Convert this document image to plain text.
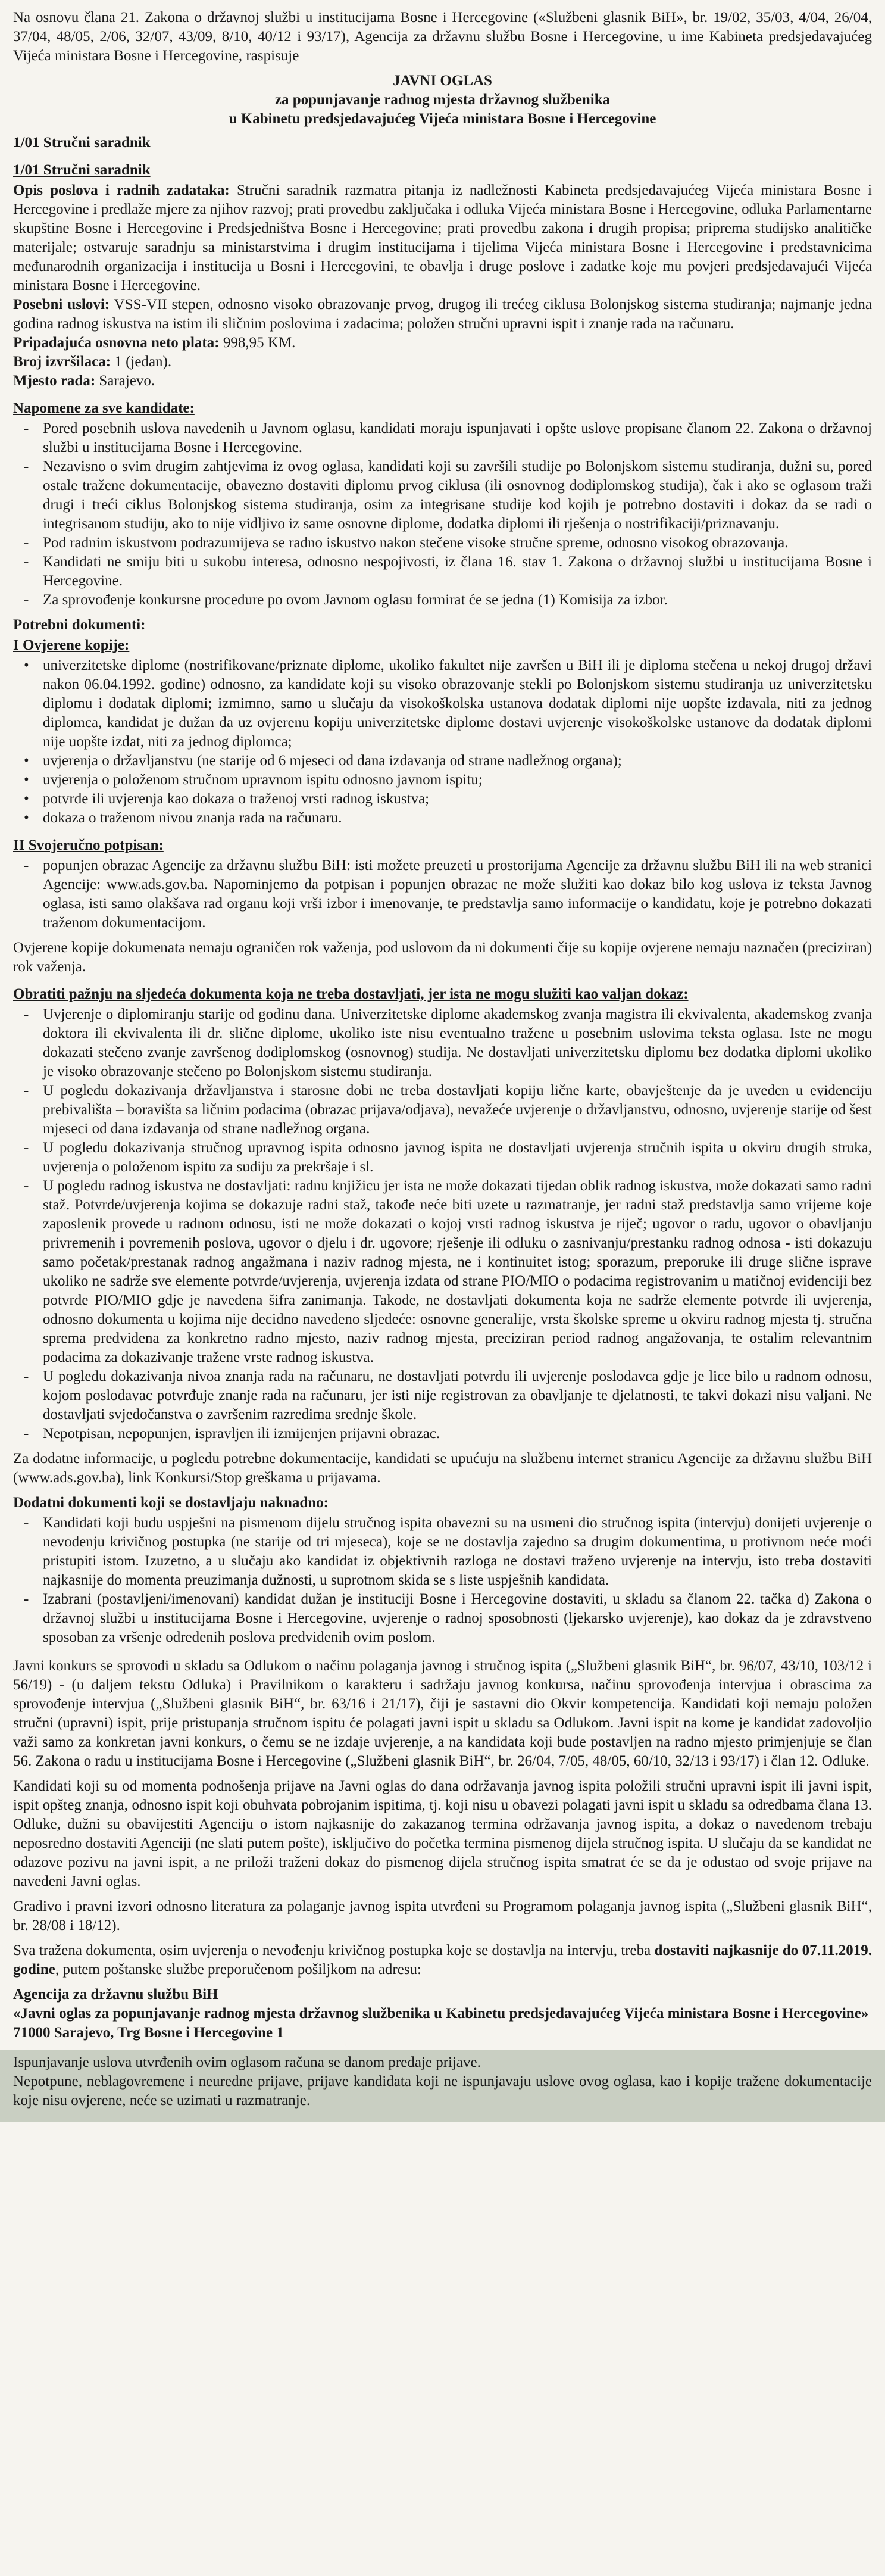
Na osnovu člana 21. Zakona o državnoj službi u institucijama Bosne i Hercegovine («Službeni glasnik BiH», br. 19/02, 35/03, 4/04, 26/04, 37/04, 48/05, 2/06, 32/07, 43/09, 8/10, 40/12 i 93/17), Agencija za državnu službu Bosne i Hercegovine, u ime Kabineta predsjedavajućeg Vijeća ministara Bosne i Hercegovine, raspisuje

JAVNI OGLAS

za popunjavanje radnog mjesta državnog službenika

u Kabinetu predsjedavajućeg Vijeća ministara Bosne i Hercegovine

1/01 Stručni saradnik

1/01 Stručni saradnik

Opis poslova i radnih zadataka: Stručni saradnik razmatra pitanja iz nadležnosti Kabineta predsjedavajućeg Vijeća ministara Bosne i Hercegovine i predlaže mjere za njihov razvoj; prati provedbu zaključaka i odluka Vijeća ministara Bosne i Hercegovine, odluka Parlamentarne skupštine Bosne i Hercegovine i Predsjedništva Bosne i Hercegovine; prati provedbu zakona i drugih propisa; priprema studijsko analitičke materijale; ostvaruje saradnju sa ministarstvima i drugim institucijama i tijelima Vijeća ministara Bosne i Hercegovine i predstavnicima međunarodnih organizacija i institucija u Bosni i Hercegovini, te obavlja i druge poslove i zadatke koje mu povjeri predsjedavajući Vijeća ministara Bosne i Hercegovine.

Posebni uslovi: VSS-VII stepen, odnosno visoko obrazovanje prvog, drugog ili trećeg ciklusa Bolonjskog sistema studiranja; najmanje jedna godina radnog iskustva na istim ili sličnim poslovima i zadacima; položen stručni upravni ispit i znanje rada na računaru.

Pripadajuća osnovna neto plata: 998,95 KM.

Broj izvršilaca: 1 (jedan).

Mjesto rada: Sarajevo.

Napomene za sve kandidate:

- Pored posebnih uslova navedenih u Javnom oglasu, kandidati moraju ispunjavati i opšte uslove propisane članom 22. Zakona o državnoj službi u institucijama Bosne i Hercegovine.
- Nezavisno o svim drugim zahtjevima iz ovog oglasa, kandidati koji su završili studije po Bolonjskom sistemu studiranja, dužni su, pored ostale tražene dokumentacije, obavezno dostaviti diplomu prvog ciklusa (ili osnovnog dodiplomskog studija), čak i ako se oglasom traži drugi i treći ciklus Bolonjskog sistema studiranja, osim za integrisane studije kod kojih je potrebno dostaviti i dokaz da se radi o integrisanom studiju, ako to nije vidljivo iz same osnovne diplome, dodatka diplomi ili rješenja o nostrifikaciji/priznavanju.
- Pod radnim iskustvom podrazumijeva se radno iskustvo nakon stečene visoke stručne spreme, odnosno visokog obrazovanja.
- Kandidati ne smiju biti u sukobu interesa, odnosno nespojivosti, iz člana 16. stav 1. Zakona o državnoj službi u institucijama Bosne i Hercegovine.
- Za sprovođenje konkursne procedure po ovom Javnom oglasu formirat će se jedna (1) Komisija za izbor.

Potrebni dokumenti:

I Ovjerene kopije:

• univerzitetske diplome (nostrifikovane/priznate diplome, ukoliko fakultet nije završen u BiH ili je diploma stečena u nekoj drugoj državi nakon 06.04.1992. godine) odnosno, za kandidate koji su visoko obrazovanje stekli po Bolonjskom sistemu studiranja uz univerzitetsku diplomu i dodatak diplomi; izmimno, samo u slučaju da visokoškolska ustanova dodatak diplomi nije uopšte izdavala, niti za jednog diplomca, kandidat je dužan da uz ovjerenu kopiju univerzitetske diplome dostavi uvjerenje visokoškolske ustanove da dodatak diplomi nije uopšte izdat, niti za jednog diplomca;
• uvjerenja o državljanstvu (ne starije od 6 mjeseci od dana izdavanja od strane nadležnog organa);
• uvjerenja o položenom stručnom upravnom ispitu odnosno javnom ispitu;
• potvrde ili uvjerenja kao dokaza o traženoj vrsti radnog iskustva;
• dokaza o traženom nivou znanja rada na računaru.

II Svojeručno potpisan:

- popunjen obrazac Agencije za državnu službu BiH: isti možete preuzeti u prostorijama Agencije za državnu službu BiH ili na web stranici Agencije: www.ads.gov.ba. Napominjemo da potpisan i popunjen obrazac ne može služiti kao dokaz bilo kog uslova iz teksta Javnog oglasa, isti samo olakšava rad organu koji vrši izbor i imenovanje, te predstavlja samo informacije o kandidatu, koje je potrebno dokazati traženom dokumentacijom.

Ovjerene kopije dokumenata nemaju ograničen rok važenja, pod uslovom da ni dokumenti čije su kopije ovjerene nemaju naznačen (preciziran) rok važenja.

Obratiti pažnju na sljedeća dokumenta koja ne treba dostavljati, jer ista ne mogu služiti kao valjan dokaz:

- Uvjerenje o diplomiranju starije od godinu dana. Univerzitetske diplome akademskog zvanja magistra ili ekvivalenta, akademskog zvanja doktora ili ekvivalenta ili dr. slične diplome, ukoliko iste nisu eventualno tražene u posebnim uslovima teksta oglasa. Iste ne mogu dokazati stečeno zvanje završenog dodiplomskog (osnovnog) studija. Ne dostavljati univerzitetsku diplomu bez dodatka diplomi ukoliko je visoko obrazovanje stečeno po Bolonjskom sistemu studiranja.
- U pogledu dokazivanja državljanstva i starosne dobi ne treba dostavljati kopiju lične karte, obavještenje da je uveden u evidenciju prebivališta – boravišta sa ličnim podacima (obrazac prijava/odjava), nevažeće uvjerenje o državljanstvu, odnosno, uvjerenje starije od šest mjeseci od dana izdavanja od strane nadležnog organa.
- U pogledu dokazivanja stručnog upravnog ispita odnosno javnog ispita ne dostavljati uvjerenja stručnih ispita u okviru drugih struka, uvjerenja o položenom ispitu za sudiju za prekršaje i sl.
- U pogledu radnog iskustva ne dostavljati: radnu knjižicu jer ista ne može dokazati tijedan oblik radnog iskustva, može dokazati samo radni staž. Potvrde/uvjerenja kojima se dokazuje radni staž, takođe neće biti uzete u razmatranje, jer radni staž predstavlja samo vrijeme koje zaposlenik provede u radnom odnosu, isti ne može dokazati o kojoj vrsti radnog iskustva je riječ; ugovor o radu, ugovor o obavljanju privremenih i povremenih poslova, ugovor o djelu i dr. ugovore; rješenje ili odluku o zasnivanju/prestanku radnog odnosa - isti dokazuju samo početak/prestanak radnog angažmana i naziv radnog mjesta, ne i kontinuitet istog; sporazum, preporuke ili druge slične isprave ukoliko ne sadrže sve elemente potvrde/uvjerenja, uvjerenja izdata od strane PIO/MIO o podacima registrovanim u matičnoj evidenciji bez potvrde PIO/MIO gdje je navedena šifra zanimanja. Takođe, ne dostavljati dokumenta koja ne sadrže elemente potvrde ili uvjerenja, odnosno dokumenta u kojima nije decidno navedeno sljedeće: osnovne generalije, vrsta školske spreme u okviru radnog mjesta tj. stručna sprema predviđena za konkretno radno mjesto, naziv radnog mjesta, preciziran period radnog angažovanja, te ostalim relevantnim podacima za dokazivanje tražene vrste radnog iskustva.
- U pogledu dokazivanja nivoa znanja rada na računaru, ne dostavljati potvrdu ili uvjerenje poslodavca gdje je lice bilo u radnom odnosu, kojom poslodavac potvrđuje znanje rada na računaru, jer isti nije registrovan za obavljanje te djelatnosti, te takvi dokazi nisu valjani. Ne dostavljati svjedočanstva o završenim razredima srednje škole.
- Nepotpisan, nepopunjen, ispravljen ili izmijenjen prijavni obrazac.

Za dodatne informacije, u pogledu potrebne dokumentacije, kandidati se upućuju na službenu internet stranicu Agencije za državnu službu BiH (www.ads.gov.ba), link Konkursi/Stop greškama u prijavama.

Dodatni dokumenti koji se dostavljaju naknadno:

- Kandidati koji budu uspješni na pismenom dijelu stručnog ispita obavezni su na usmeni dio stručnog ispita (intervju) donijeti uvjerenje o nevođenju krivičnog postupka (ne starije od tri mjeseca), koje se ne dostavlja zajedno sa drugim dokumentima, u protivnom neće moći pristupiti istom. Izuzetno, a u slučaju ako kandidat iz objektivnih razloga ne dostavi traženo uvjerenje na intervju, isto treba dostaviti najkasnije do momenta preuzimanja dužnosti, u suprotnom skida se s liste uspješnih kandidata.
- Izabrani (postavljeni/imenovani) kandidat dužan je instituciji Bosne i Hercegovine dostaviti, u skladu sa članom 22. tačka d) Zakona o državnoj službi u institucijama Bosne i Hercegovine, uvjerenje o radnoj sposobnosti (ljekarsko uvjerenje), kao dokaz da je zdravstveno sposoban za vršenje određenih poslova predviđenih ovim poslom.

Javni konkurs se sprovodi u skladu sa Odlukom o načinu polaganja javnog i stručnog ispita („Službeni glasnik BiH“, br. 96/07, 43/10, 103/12 i 56/19) - (u daljem tekstu Odluka) i Pravilnikom o karakteru i sadržaju javnog konkursa, načinu sprovođenja intervjua i obrascima za sprovođenje intervjua („Službeni glasnik BiH“, br. 63/16 i 21/17), čiji je sastavni dio Okvir kompetencija. Kandidati koji nemaju položen stručni (upravni) ispit, prije pristupanja stručnom ispitu će polagati javni ispit u skladu sa Odlukom. Javni ispit na kome je kandidat zadovoljio važi samo za konkretan javni konkurs, o čemu se ne izdaje uvjerenje, a na kandidata koji bude postavljen na radno mjesto primjenjuje se član 56. Zakona o radu u institucijama Bosne i Hercegovine („Službeni glasnik BiH“, br. 26/04, 7/05, 48/05, 60/10, 32/13 i 93/17) i član 12. Odluke.

Kandidati koji su od momenta podnošenja prijave na Javni oglas do dana održavanja javnog ispita položili stručni upravni ispit ili javni ispit, ispit opšteg znanja, odnosno ispit koji obuhvata pobrojanim ispitima, tj. koji nisu u obavezi polagati javni ispit u skladu sa odredbama člana 13. Odluke, dužni su obavijestiti Agenciju o istom najkasnije do zakazanog termina održavanja javnog ispita, a dokaz o navedenom trebaju neposredno dostaviti Agenciji (ne slati putem pošte), isključivo do početka termina pismenog dijela stručnog ispita. U slučaju da se kandidat ne odazove pozivu na javni ispit, a ne priloži traženi dokaz do pismenog dijela stručnog ispita smatrat će se da je odustao od svoje prijave na navedeni Javni oglas.

Gradivo i pravni izvori odnosno literatura za polaganje javnog ispita utvrđeni su Programom polaganja javnog ispita („Službeni glasnik BiH“, br. 28/08 i 18/12).

Sva tražena dokumenta, osim uvjerenja o nevođenju krivičnog postupka koje se dostavlja na intervju, treba dostaviti najkasnije do 07.11.2019. godine, putem poštanske službe preporučenom pošiljkom na adresu:

Agencija za državnu službu BiH

«Javni oglas za popunjavanje radnog mjesta državnog službenika u Kabinetu predsjedavajućeg Vijeća ministara Bosne i Hercegovine»

71000 Sarajevo, Trg Bosne i Hercegovine 1

Ispunjavanje uslova utvrđenih ovim oglasom računa se danom predaje prijave.

Nepotpune, neblagovremene i neuredne prijave, prijave kandidata koji ne ispunjavaju uslove ovog oglasa, kao i kopije tražene dokumentacije koje nisu ovjerene, neće se uzimati u razmatranje.
